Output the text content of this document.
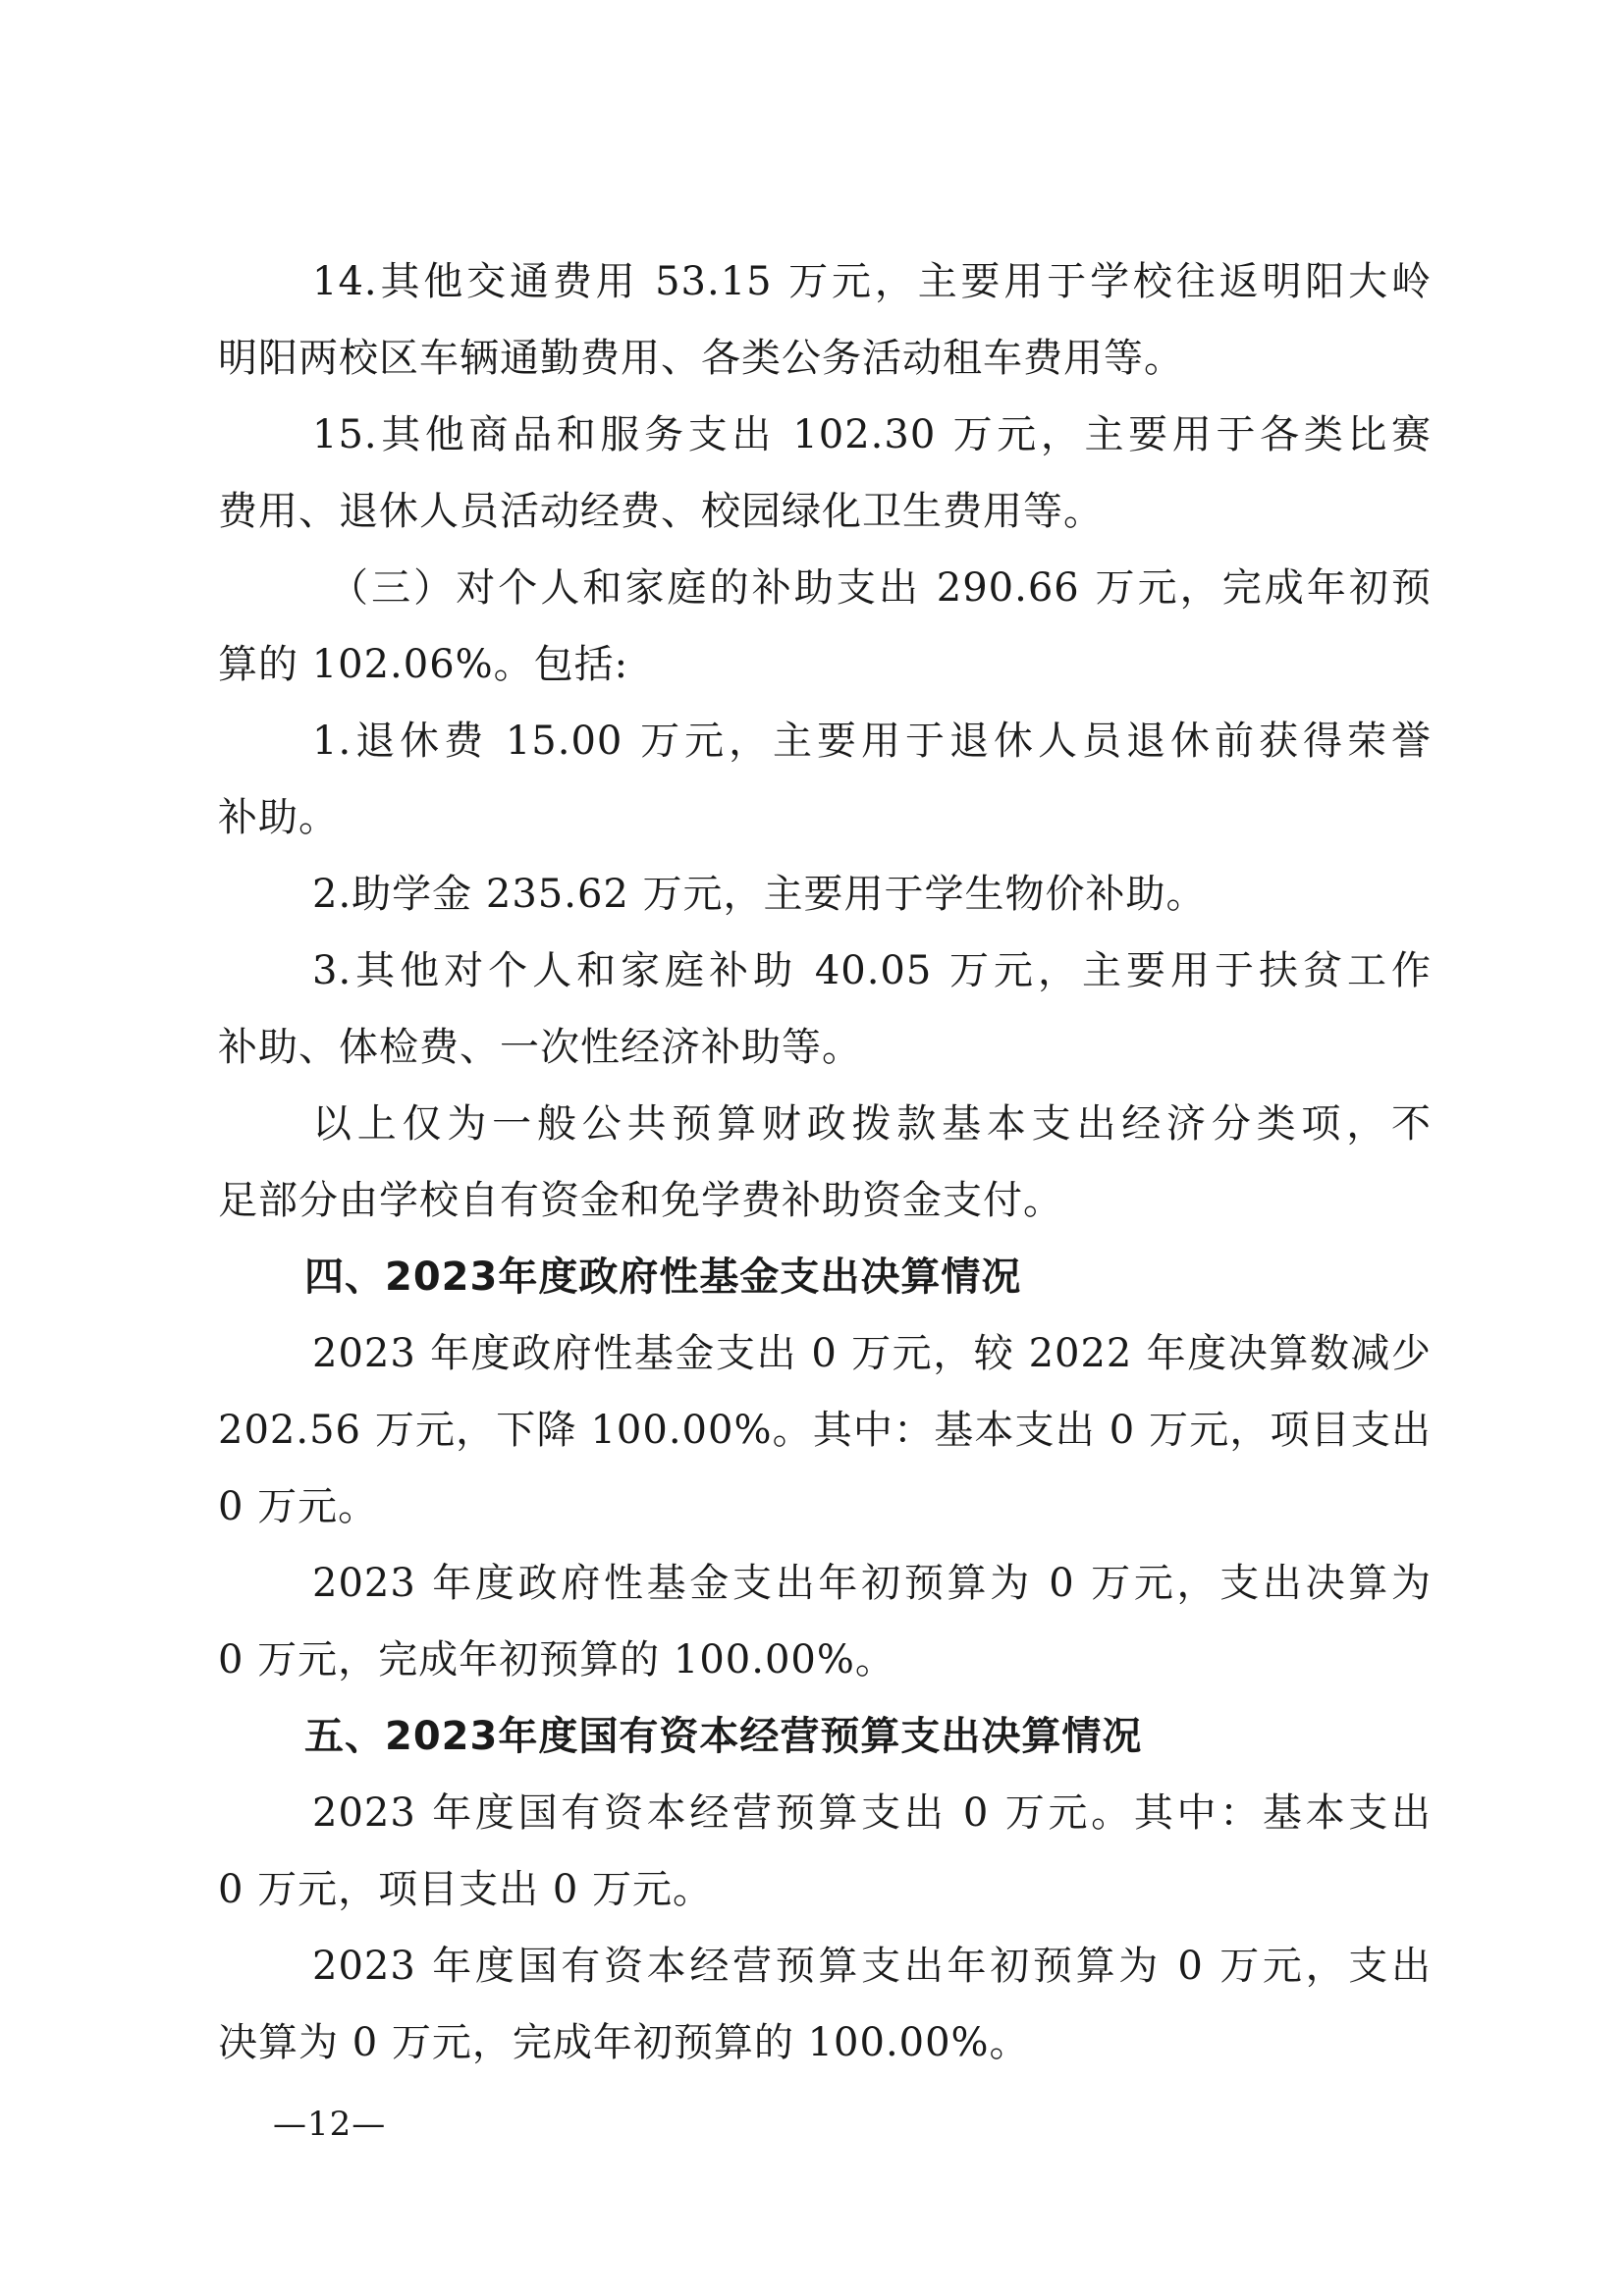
14.其他交通费用 53.15 万元，主要用于学校往返明阳大岭
明阳两校区车辆通勤费用、各类公务活动租车费用等。
15.其他商品和服务支出 102.30 万元，主要用于各类比赛
费用、退休人员活动经费、校园绿化卫生费用等。
（三）对个人和家庭的补助支出 290.66 万元，完成年初预
算的 102.06%。包括:
1.退休费 15.00 万元，主要用于退休人员退休前获得荣誉
补助。
2.助学金 235.62 万元，主要用于学生物价补助。
3.其他对个人和家庭补助 40.05 万元，主要用于扶贫工作
补助、体检费、一次性经济补助等。
以上仅为一般公共预算财政拨款基本支出经济分类项，不
足部分由学校自有资金和免学费补助资金支付。
四、2023年度政府性基金支出决算情况
2023 年度政府性基金支出 0 万元，较 2022 年度决算数减少
202.56 万元，下降 100.00%。其中：基本支出 0 万元，项目支出
0 万元。
2023 年度政府性基金支出年初预算为 0 万元，支出决算为
0 万元，完成年初预算的 100.00%。
五、2023年度国有资本经营预算支出决算情况
2023 年度国有资本经营预算支出 0 万元。其中：基本支出
0 万元，项目支出 0 万元。
2023 年度国有资本经营预算支出年初预算为 0 万元，支出
决算为 0 万元，完成年初预算的 100.00%。
—12—
